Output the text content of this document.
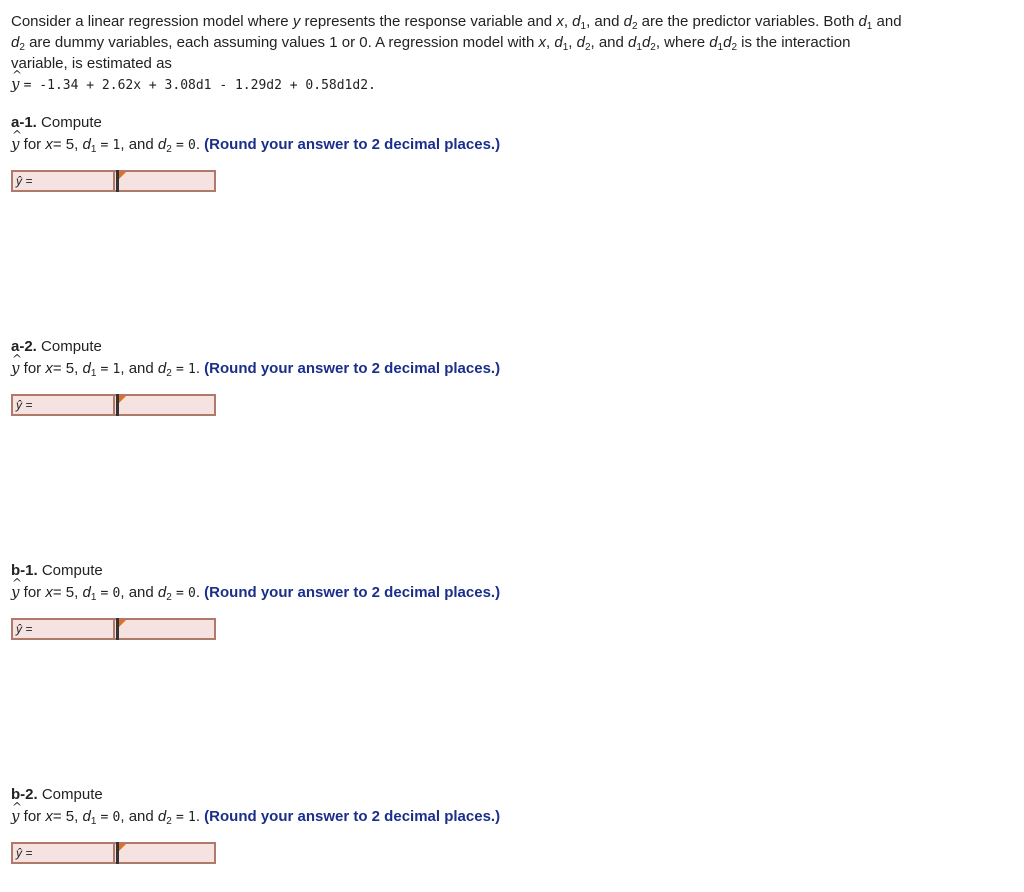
Consider a linear regression model where y represents the response variable and x, $d_1$, and $d_2$ are the predictor variables. Both $d_1$ and

$d_2$ are dummy variables, each assuming values 1 or 0. A regression model with x, $d_1$, $d_2$, and $d_1d_2$, where $d_1d_2$ is the interaction

variable, is estimated as

^ y = -1.34 + 2.62x + 3.08d1 - 1.29d2 + 0.58d1d2.

a-1. Compute
^ y for x= 5, $d_1 = 1$, and $d_2 = 0$. (Round your answer to 2 decimal places.)
ŷ =
a-2. Compute
^ y for x= 5, $d_1 = 1$, and $d_2 = 1$. (Round your answer to 2 decimal places.)
ŷ =
b-1. Compute
^ y for x= 5, $d_1 = 0$, and $d_2 = 0$. (Round your answer to 2 decimal places.)
ŷ =
b-2. Compute
^ y for x= 5, $d_1 = 0$, and $d_2 = 1$. (Round your answer to 2 decimal places.)
ŷ =
